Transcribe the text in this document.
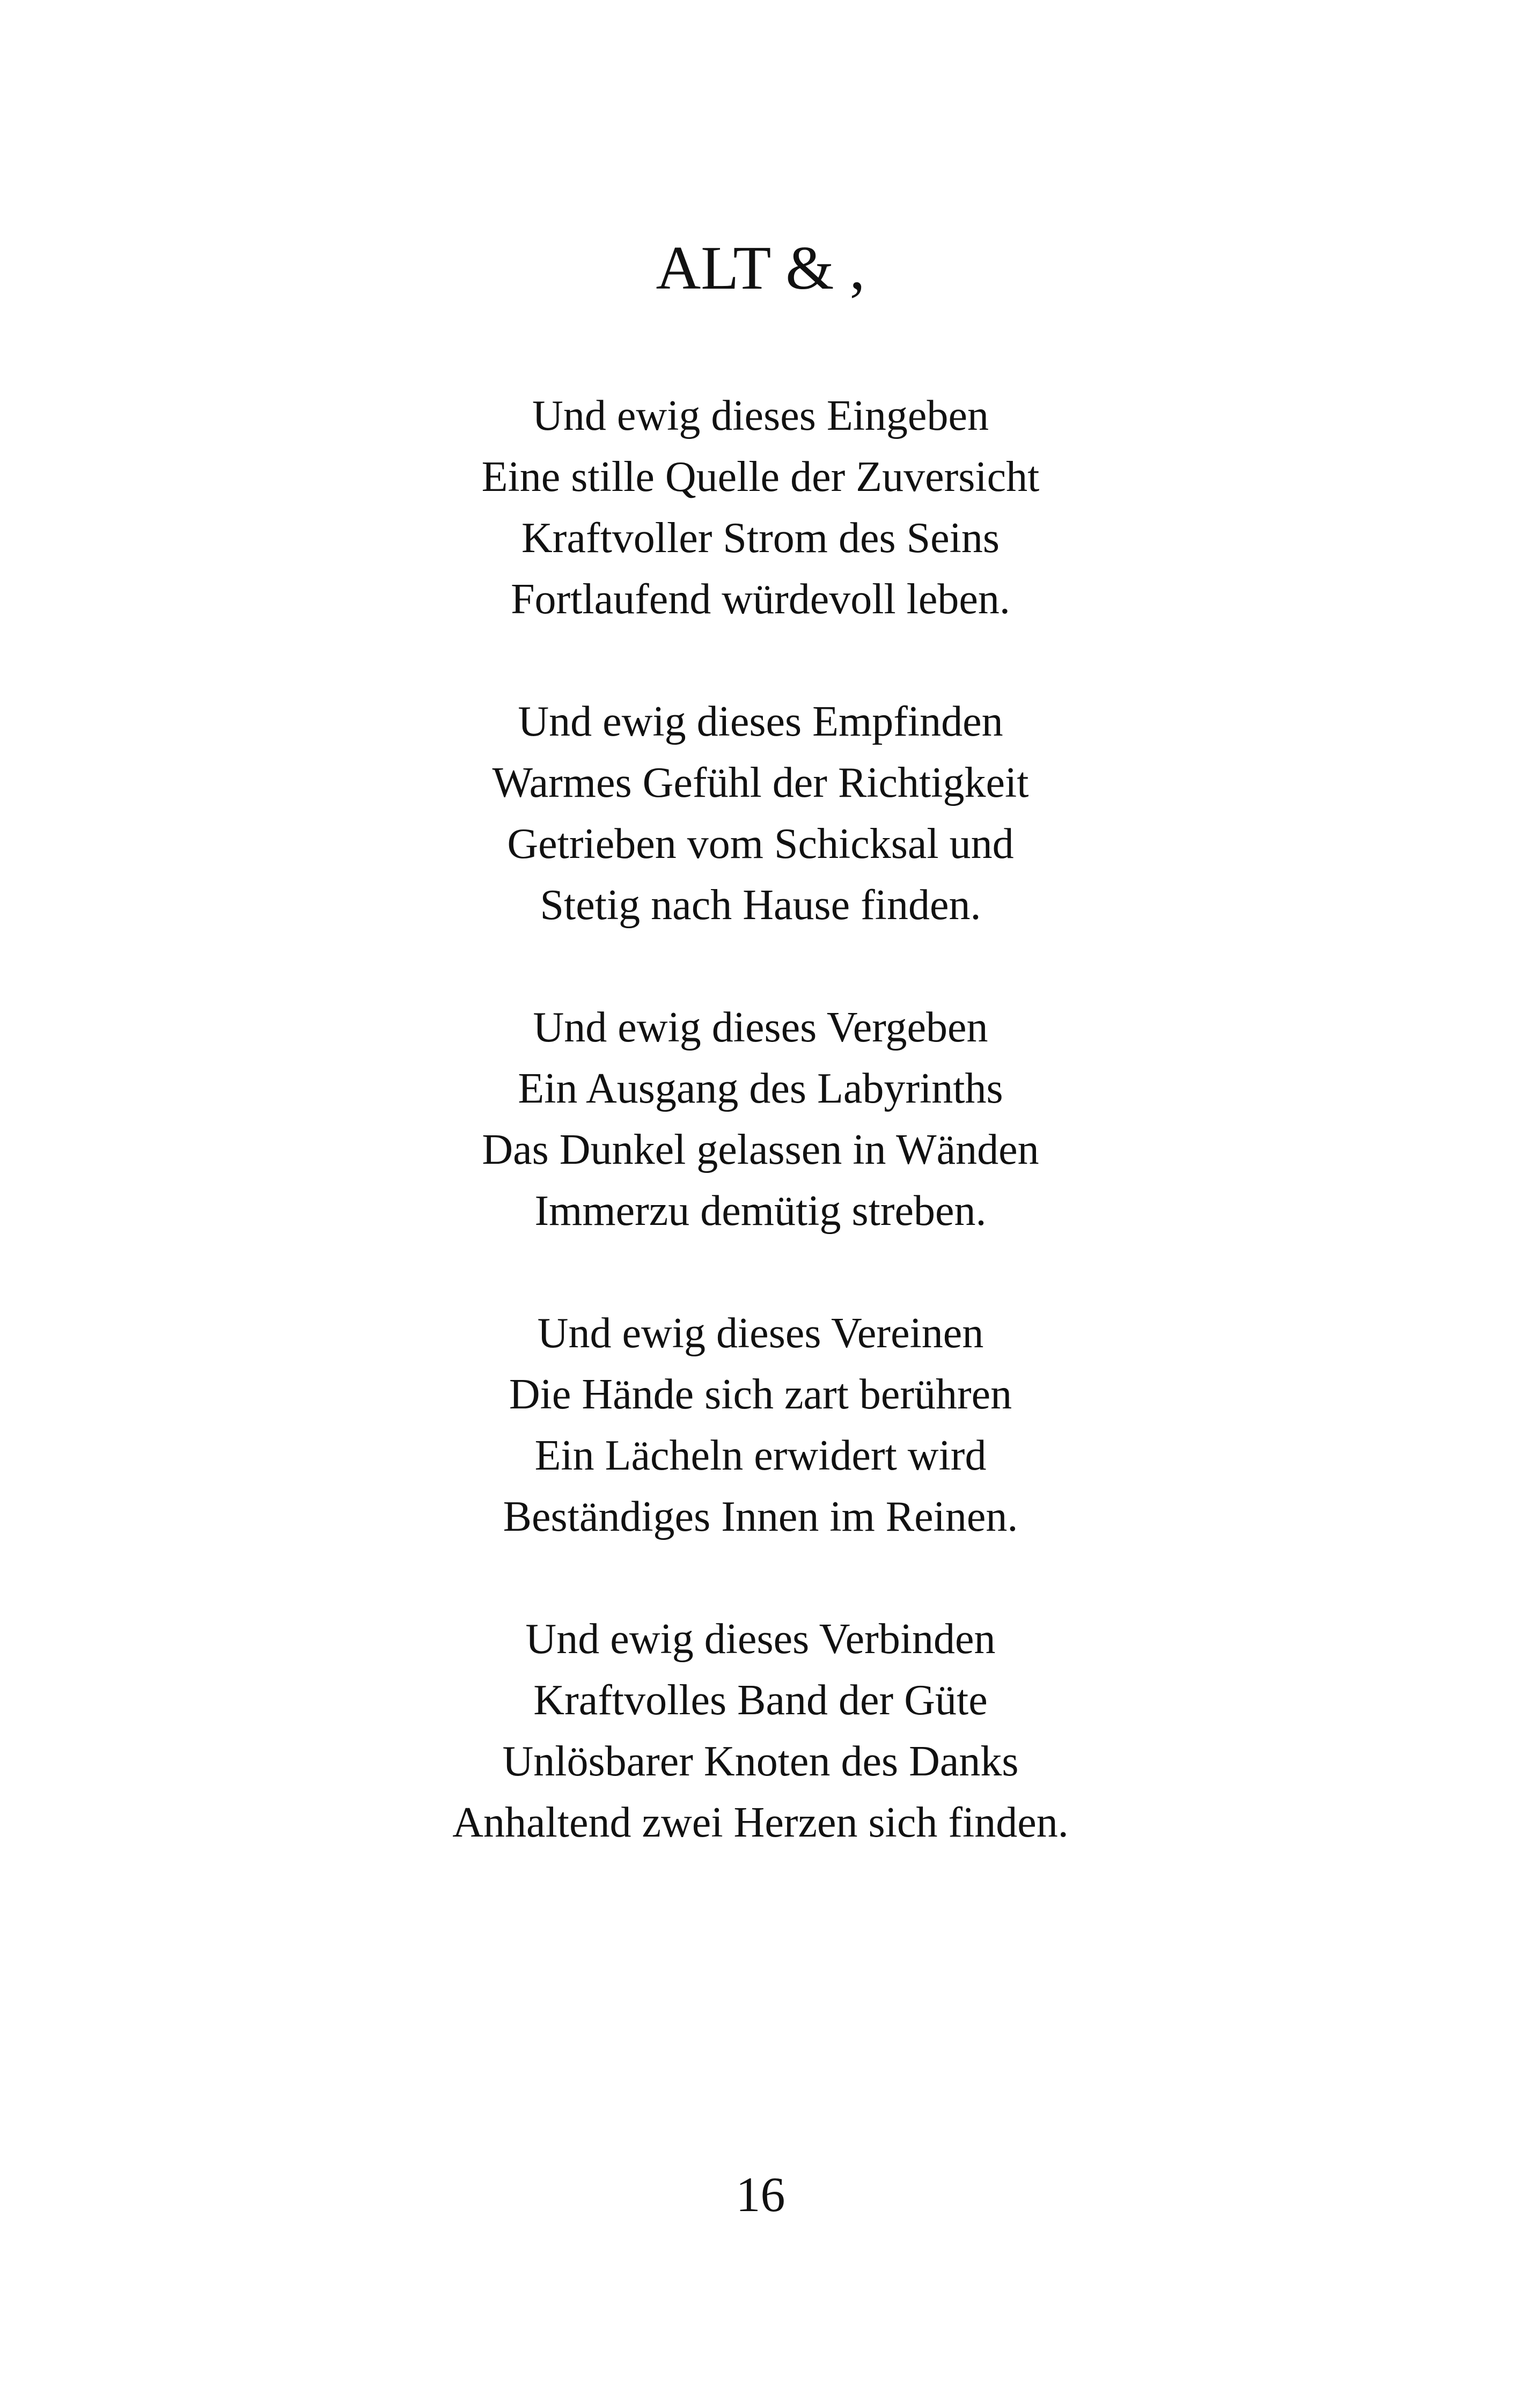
ALT & ,
Und ewig dieses Eingeben
Eine stille Quelle der Zuversicht
Kraftvoller Strom des Seins
Fortlaufend würdevoll leben.
Und ewig dieses Empfinden
Warmes Gefühl der Richtigkeit
Getrieben vom Schicksal und
Stetig nach Hause finden.
Und ewig dieses Vergeben
Ein Ausgang des Labyrinths
Das Dunkel gelassen in Wänden
Immerzu demütig streben.
Und ewig dieses Vereinen
Die Hände sich zart berühren
Ein Lächeln erwidert wird
Beständiges Innen im Reinen.
Und ewig dieses Verbinden
Kraftvolles Band der Güte
Unlösbarer Knoten des Danks
Anhaltend zwei Herzen sich finden.
16
